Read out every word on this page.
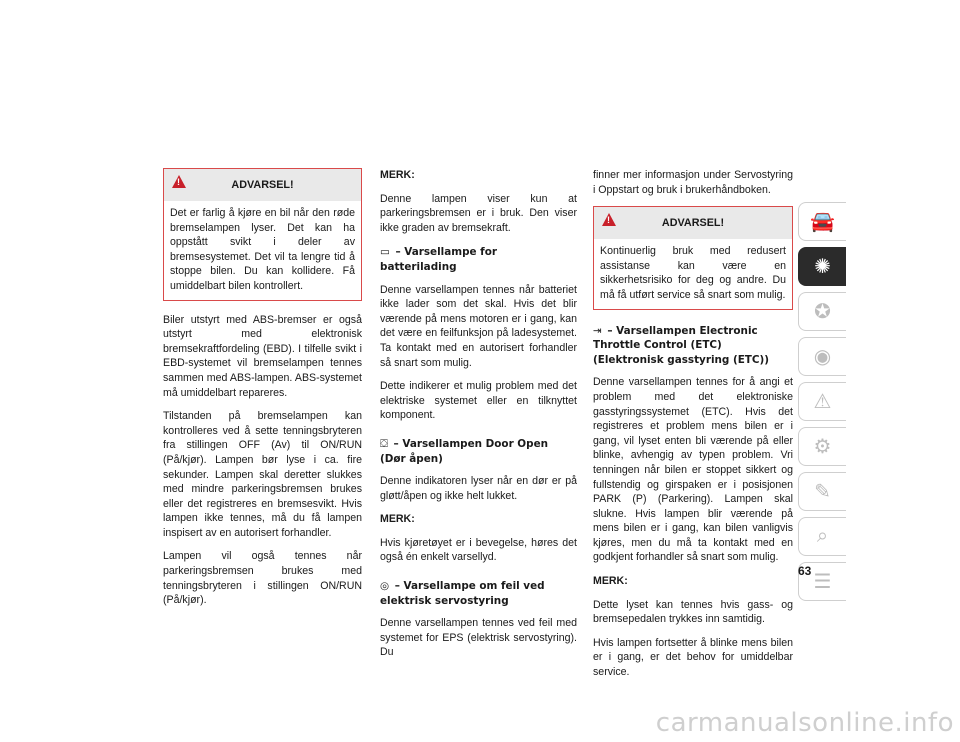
!
ADVARSEL!
Det er farlig å kjøre en bil når den røde bremselampen lyser. Det kan ha oppstått svikt i deler av bremsesystemet. Det vil ta lengre tid å stoppe bilen. Du kan kollidere. Få umiddelbart bilen kontrollert.

Biler utstyrt med ABS-bremser er også utstyrt med elektronisk bremsekraftfordeling (EBD). I tilfelle svikt i EBD-systemet vil bremselampen tennes sammen med ABS-lampen. ABS-systemet må umiddelbart repareres.

Tilstanden på bremselampen kan kontrolleres ved å sette tenningsbryteren fra stillingen OFF (Av) til ON/RUN (På/kjør). Lampen bør lyse i ca. fire sekunder. Lampen skal deretter slukkes med mindre parkeringsbremsen brukes eller det registreres en bremsesvikt. Hvis lampen ikke tennes, må du få lampen inspisert av en autorisert forhandler.

Lampen vil også tennes når parkeringsbremsen brukes med tenningsbryteren i stillingen ON/RUN (På/kjør).

MERK:

Denne lampen viser kun at parkeringsbremsen er i bruk. Den viser ikke graden av bremsekraft.

▭ – Varsellampe for batterilading

Denne varsellampen tennes når batteriet ikke lader som det skal. Hvis det blir værende på mens motoren er i gang, kan det være en feilfunksjon på ladesystemet. Ta kontakt med en autorisert forhandler så snart som mulig.

Dette indikerer et mulig problem med det elektriske systemet eller en tilknyttet komponent.

⛋ – Varsellampen Door Open (Dør åpen)

Denne indikatoren lyser når en dør er på gløtt/åpen og ikke helt lukket.

MERK:

Hvis kjøretøyet er i bevegelse, høres det også én enkelt varsellyd.

◎ – Varsellampe om feil ved elektrisk servostyring

Denne varsellampen tennes ved feil med systemet for EPS (elektrisk servostyring). Du

finner mer informasjon under Servostyring i Oppstart og bruk i brukerhåndboken.

!
ADVARSEL!
Kontinuerlig bruk med redusert assistanse kan være en sikkerhetsrisiko for deg og andre. Du må få utført service så snart som mulig.
⇥ – Varsellampen Electronic Throttle Control (ETC) (Elektronisk gasstyring (ETC))

Denne varsellampen tennes for å angi et problem med det elektroniske gasstyringssystemet (ETC). Hvis det registreres et problem mens bilen er i gang, vil lyset enten bli værende på eller blinke, avhengig av typen problem. Vri tenningen når bilen er stoppet sikkert og fullstendig og girspaken er i posisjonen PARK (P) (Parkering). Lampen skal slukne. Hvis lampen blir værende på mens bilen er i gang, kan bilen vanligvis kjøres, men du må ta kontakt med en godkjent forhandler så snart som mulig.

MERK:

Dette lyset kan tennes hvis gass- og bremsepedalen trykkes inn samtidig.

Hvis lampen fortsetter å blinke mens bilen er i gang, er det behov for umiddelbar service.

🚘
✺
✪
◉
⚠
⚙
✎
⌕
☰
63
carmanualsonline.info
